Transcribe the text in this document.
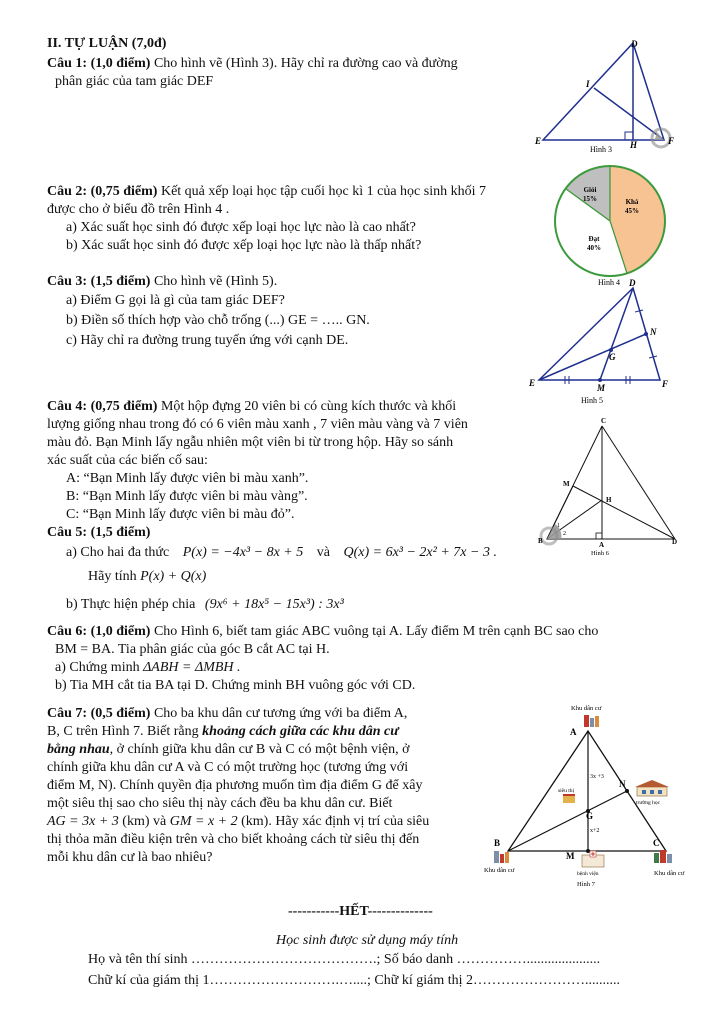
II. TỰ LUẬN (7,0đ)
Câu 1: (1,0 điểm) Cho hình vẽ (Hình 3). Hãy chỉ ra đường cao và đường
phân giác của tam giác DEF
D
I
E	H	F
Hình 3
Câu 2: (0,75 điểm) Kết quả xếp loại học tập cuối học kì 1 của học sinh khối 7
được cho ở biểu đồ trên Hình 4 .
a) Xác suất học sinh đó được xếp loại học lực nào là cao nhất?
b) Xác suất học sinh đó được xếp loại học lực nào là thấp nhất?
Giỏi
15%	Khá
45%
Đạt
40%
Hình 4
Câu 3: (1,5 điểm) Cho hình vẽ (Hình 5).
a) Điểm G gọi là gì của tam giác DEF?
b) Điền số thích hợp vào chỗ trống (...) GE = ….. GN.
c) Hãy chỉ ra đường trung tuyến ứng với cạnh DE.
D
N
G
E	M	F
Hình 5
Câu 4: (0,75 điểm) Một hộp đựng 20 viên bi có cùng kích thước và khối
lượng giống nhau trong đó có 6 viên màu xanh , 7 viên màu vàng và 7 viên
màu đỏ. Bạn Minh lấy ngẫu nhiên một viên bi từ trong hộp. Hãy so sánh
xác suất của các biến cố sau:
A: “Bạn Minh lấy được viên bi màu xanh”.
B: “Bạn Minh lấy được viên bi màu vàng”.
C: “Bạn Minh lấy được viên bi màu đỏ”.
C
M
H
B
1
2
A	D
Hình 6
Câu 5: (1,5 điểm)
a) Cho hai đa thức P(x) = −4x³ − 8x + 5 và Q(x) = 6x³ − 2x² + 7x − 3 .
Hãy tính P(x) + Q(x)
b) Thực hiện phép chia (9x⁶ + 18x⁵ − 15x³) : 3x³
Câu 6: (1,0 điểm) Cho Hình 6, biết tam giác ABC vuông tại A. Lấy điểm M trên cạnh BC sao cho
BM = BA. Tia phân giác của góc B cắt AC tại H.
a) Chứng minh ΔABH = ΔMBH .
b) Tia MH cắt tia BA tại D. Chứng minh BH vuông góc với CD.
Câu 7: (0,5 điểm) Cho ba khu dân cư tương ứng với ba điểm A,
B, C trên Hình 7. Biết rằng khoảng cách giữa các khu dân cư
bằng nhau, ở chính giữa khu dân cư B và C có một bệnh viện, ở
chính giữa khu dân cư A và C có một trường học (tương ứng với
điểm M, N). Chính quyền địa phương muốn tìm địa điểm G để xây
một siêu thị sao cho siêu thị này cách đều ba khu dân cư. Biết
AG = 3x + 3 (km) và GM = x + 2 (km). Hãy xác định vị trí của siêu
thị thỏa mãn điều kiện trên và cho biết khoảng cách từ siêu thị đến
mỗi khu dân cư là bao nhiêu?
Khu dân cư
A
3x +3
N
trường học
siêu thị
G
x+2
B
Khu dân cư
M
bệnh viện
C
Khu dân cư
Hình 7
-----------HẾT--------------
Học sinh được sử dụng máy tính
Họ và tên thí sinh ………………………………….; Số báo danh …………….....................
Chữ kí của giám thị 1……………………….…....; Chữ kí giám thị 2……………………..........
